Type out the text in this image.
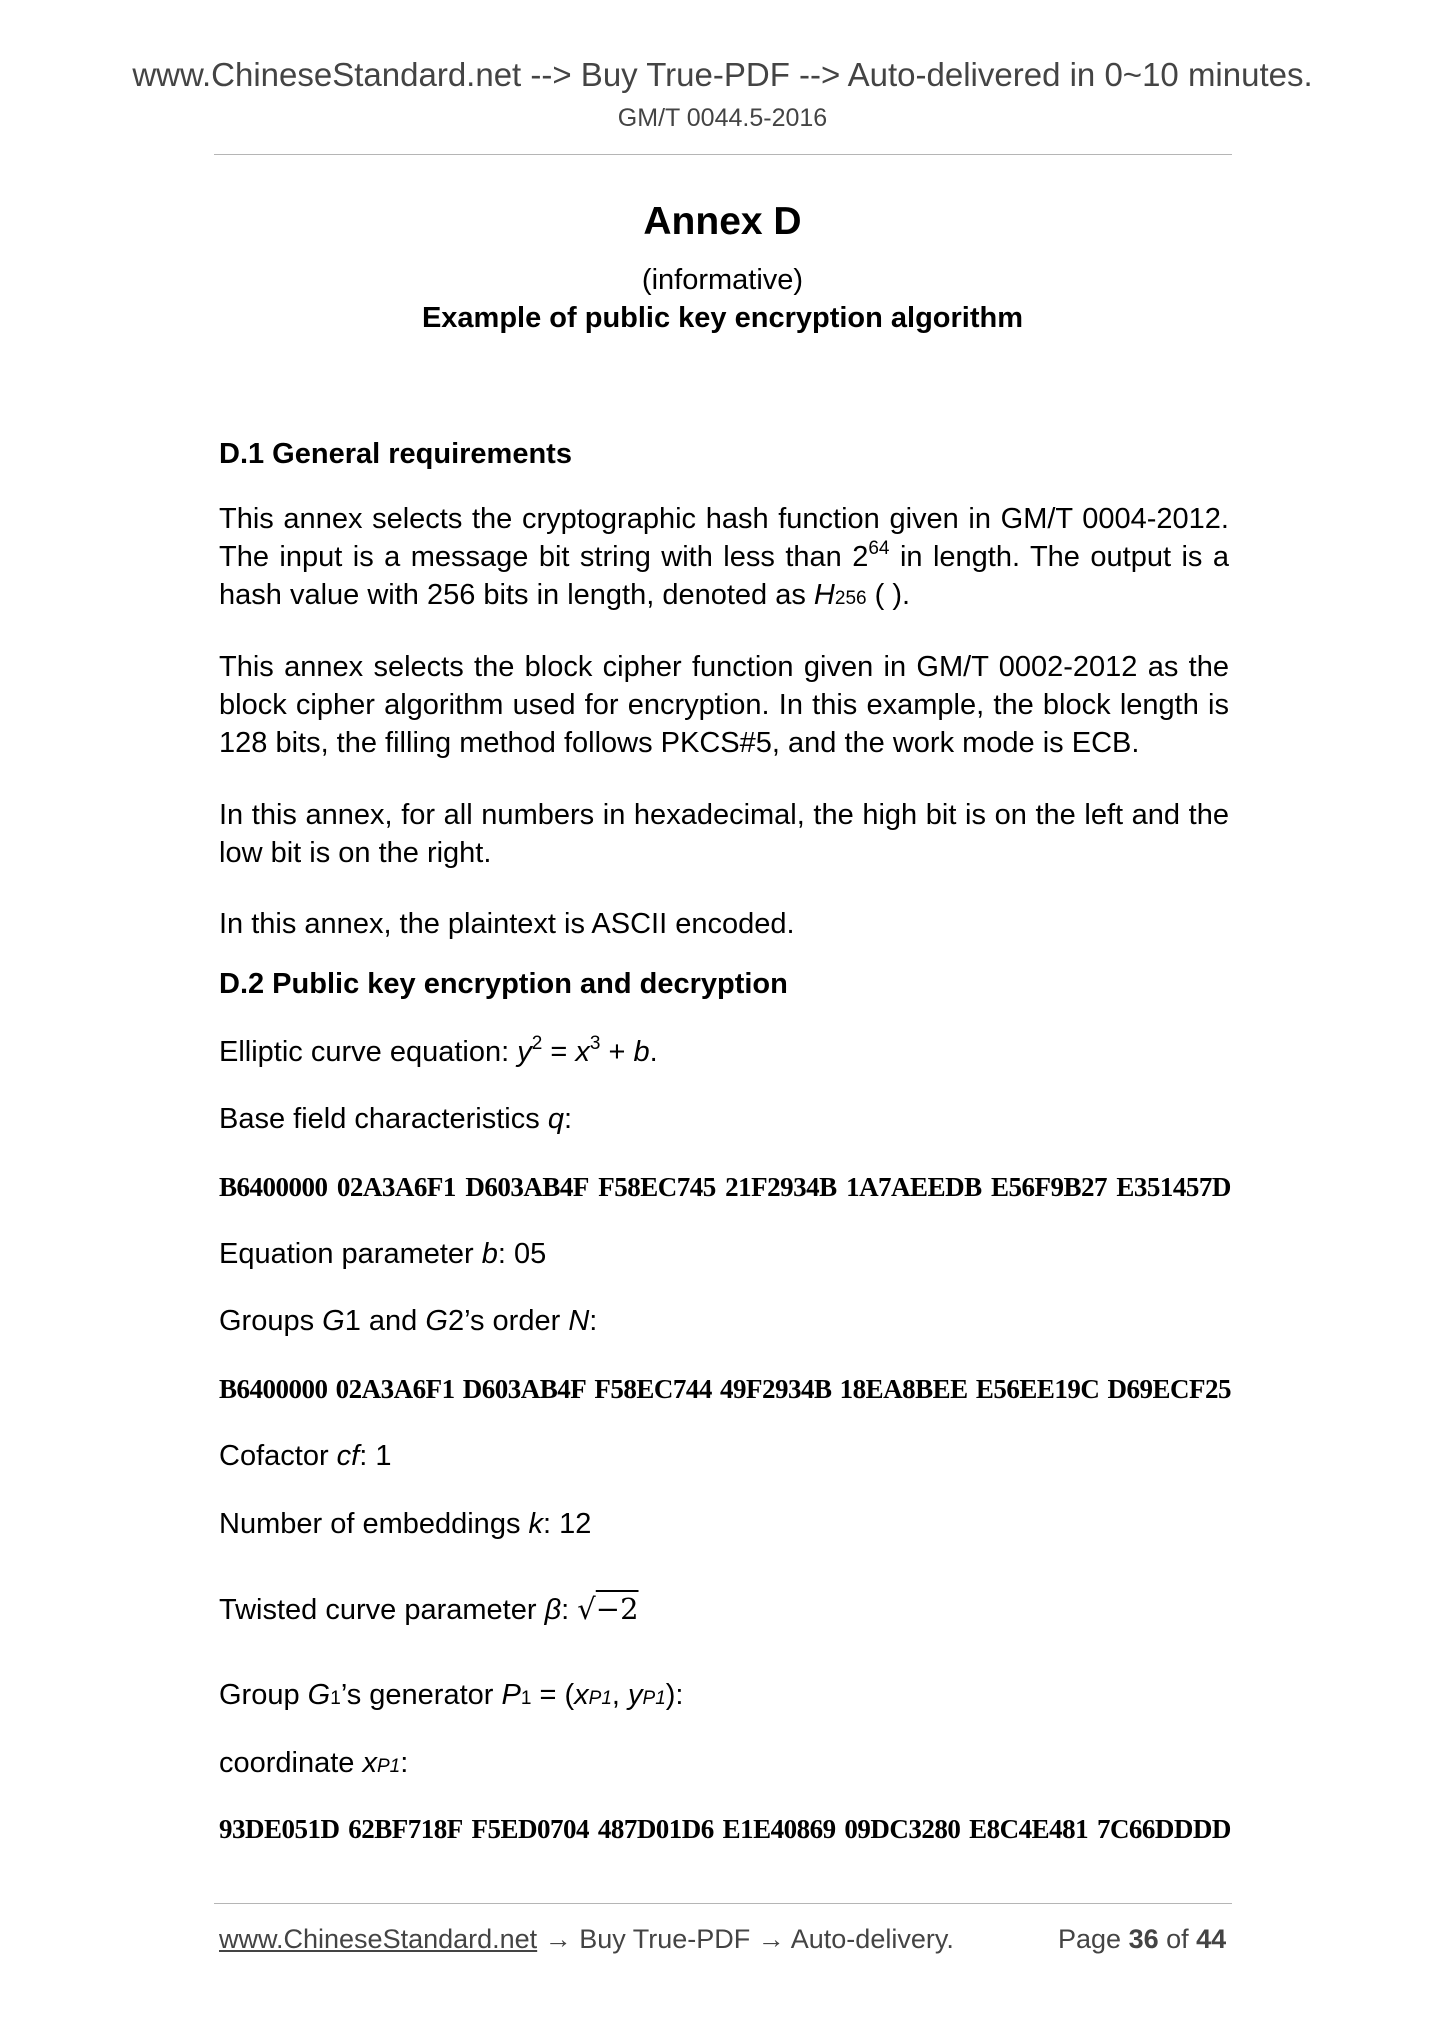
www.ChineseStandard.net --> Buy True-PDF --> Auto-delivered in 0~10 minutes.
GM/T 0044.5-2016
Annex D
(informative)
Example of public key encryption algorithm
D.1 General requirements

This annex selects the cryptographic hash function given in GM/T 0004-2012. The input is a message bit string with less than $2^{64}$ in length. The output is a hash value with 256 bits in length, denoted as H256 ( ).

This annex selects the block cipher function given in GM/T 0002-2012 as the block cipher algorithm used for encryption. In this example, the block length is 128 bits, the filling method follows PKCS#5, and the work mode is ECB.

In this annex, for all numbers in hexadecimal, the high bit is on the left and the low bit is on the right.

In this annex, the plaintext is ASCII encoded.

D.2 Public key encryption and decryption
Elliptic curve equation: $y^2 = x^3 + b$.
Base field characteristics q:
B6400000 02A3A6F1 D603AB4F F58EC745 21F2934B 1A7AEEDB E56F9B27 E351457D
Equation parameter b: 05
Groups G1 and G2’s order N:
B6400000 02A3A6F1 D603AB4F F58EC744 49F2934B 18EA8BEE E56EE19C D69ECF25
Cofactor cf: 1
Number of embeddings k: 12
Twisted curve parameter β: √−2
Group G1’s generator P1 = (xP1, yP1):
coordinate xP1:
93DE051D 62BF718F F5ED0704 487D01D6 E1E40869 09DC3280 E8C4E481 7C66DDDD
www.ChineseStandard.net → Buy True-PDF → Auto-delivery.	Page 36 of 44
